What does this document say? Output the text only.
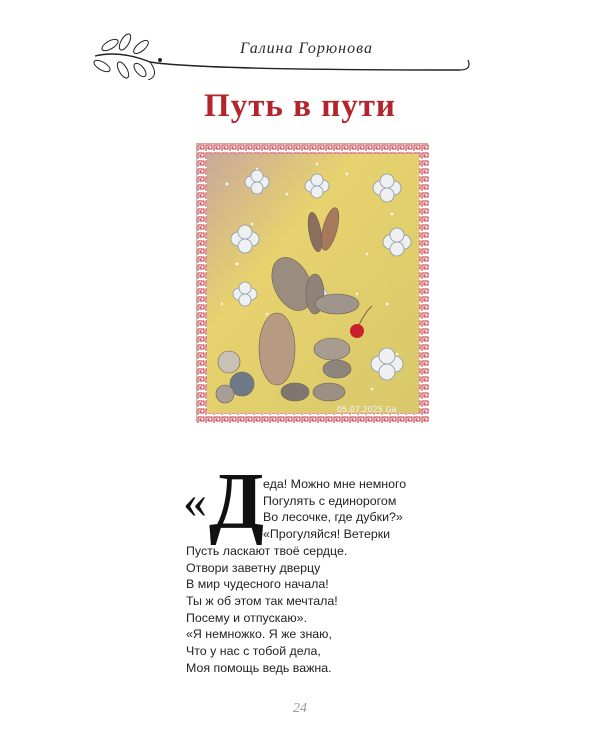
Галина Горюнова
Путь в пути
05.07.2025 Ga
« Д
еда! Можно мне немного
Погулять с единорогом
Во лесочке, где дубки?»
«Прогуляйся! Ветерки
Пусть ласкают твоё сердце.
Отвори заветну дверцу
В мир чудесного начала!
Ты ж об этом так мечтала!
Посему и отпускаю».
«Я немножко. Я же знаю,
Что у нас с тобой дела,
Моя помощь ведь важна.
24
